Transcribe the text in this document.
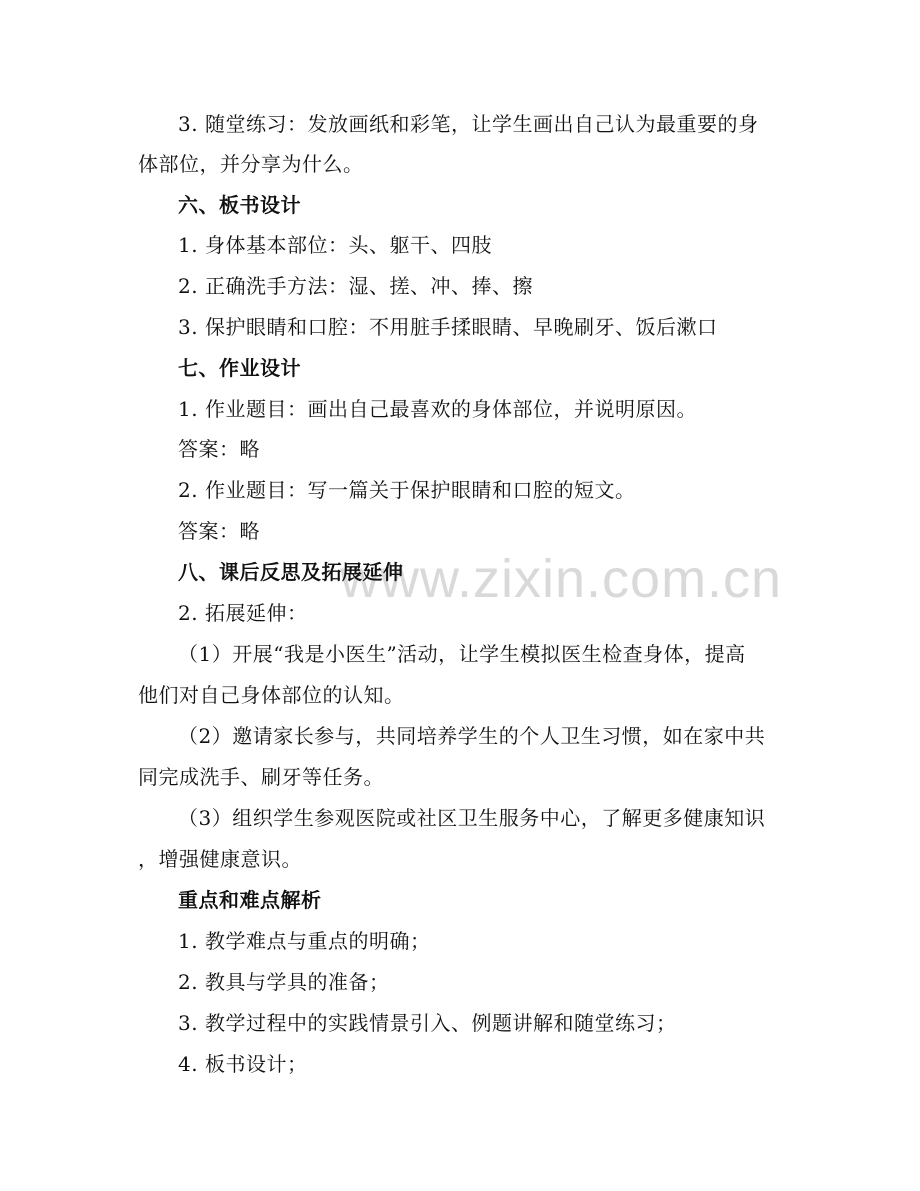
www.zixin.com.cn
3. 随堂练习：发放画纸和彩笔，让学生画出自己认为最重要的身
体部位，并分享为什么。
六、板书设计
1. 身体基本部位：头、躯干、四肢
2. 正确洗手方法：湿、搓、冲、捧、擦
3. 保护眼睛和口腔：不用脏手揉眼睛、早晚刷牙、饭后漱口
七、作业设计
1. 作业题目：画出自己最喜欢的身体部位，并说明原因。
答案：略
2. 作业题目：写一篇关于保护眼睛和口腔的短文。
答案：略
八、课后反思及拓展延伸
2. 拓展延伸：
（1）开展“我是小医生”活动，让学生模拟医生检查身体，提高
他们对自己身体部位的认知。
（2）邀请家长参与，共同培养学生的个人卫生习惯，如在家中共
同完成洗手、刷牙等任务。
（3）组织学生参观医院或社区卫生服务中心，了解更多健康知识
，增强健康意识。
重点和难点解析
1. 教学难点与重点的明确；
2. 教具与学具的准备；
3. 教学过程中的实践情景引入、例题讲解和随堂练习；
4. 板书设计；
